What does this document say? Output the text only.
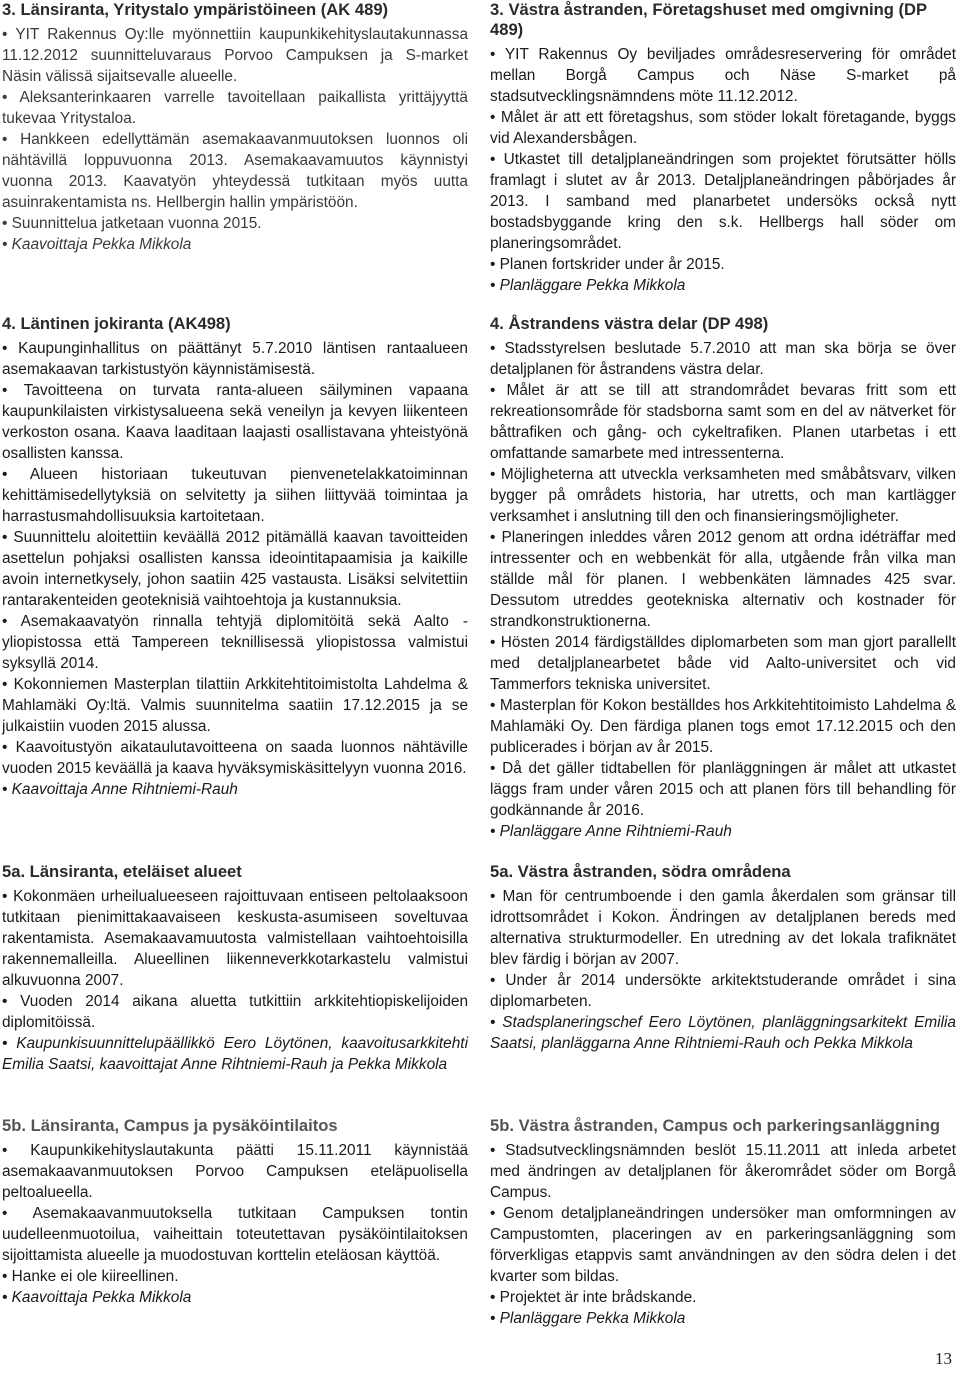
3. Länsiranta, Yritystalo ympäristöineen (AK 489)
• YIT Rakennus Oy:lle myönnettiin kaupunkikehityslautakunnassa 11.12.2012 suunnitteluvaraus Porvoo Campuksen ja S-market Näsin välissä sijaitsevalle alueelle.
• Aleksanterinkaaren varrelle tavoitellaan paikallista yrittäjyyttä tukevaa Yritystaloa.
• Hankkeen edellyttämän asemakaavanmuutoksen luonnos oli nähtävillä loppuvuonna 2013. Asemakaavamuutos käynnistyi vuonna 2013. Kaavatyön yhteydessä tutkitaan myös uutta asuinrakentamista ns. Hellbergin hallin ympäristöön.
• Suunnittelua jatketaan vuonna 2015.
• Kaavoittaja Pekka Mikkola
4. Läntinen jokiranta (AK498)
• Kaupunginhallitus on päättänyt 5.7.2010 läntisen rantaalueen asemakaavan tarkistustyön käynnistämisestä.
• Tavoitteena on turvata ranta-alueen säilyminen vapaana kaupunkilaisten virkistysalueena sekä veneilyn ja kevyen liikenteen verkoston osana. Kaava laaditaan laajasti osallistavana yhteistyönä osallisten kanssa.
• Alueen historiaan tukeutuvan pienvenetelakkatoiminnan kehittämisedellytyksiä on selvitetty ja siihen liittyvää toimintaa ja harrastusmahdollisuuksia kartoitetaan.
• Suunnittelu aloitettiin keväällä 2012 pitämällä kaavan tavoitteiden asettelun pohjaksi osallisten kanssa ideointitapaamisia ja kaikille avoin internetkysely, johon saatiin 425 vastausta. Lisäksi selvitettiin rantarakenteiden geoteknisiä vaihtoehtoja ja kustannuksia.
• Asemakaavatyön rinnalla tehtyjä diplomitöitä sekä Aalto -yliopistossa että Tampereen teknillisessä yliopistossa valmistui syksyllä 2014.
• Kokonniemen Masterplan tilattiin Arkkitehtitoimistolta Lahdelma & Mahlamäki Oy:ltä. Valmis suunnitelma saatiin 17.12.2015 ja se julkaistiin vuoden 2015 alussa.
• Kaavoitustyön aikataulutavoitteena on saada luonnos nähtäville vuoden 2015 keväällä ja kaava hyväksymiskäsittelyyn vuonna 2016.
• Kaavoittaja Anne Rihtniemi-Rauh
5a. Länsiranta, eteläiset alueet
• Kokonmäen urheilualueeseen rajoittuvaan entiseen peltolaaksoon tutkitaan pienimittakaavaiseen keskusta-asumiseen soveltuvaa rakentamista. Asemakaavamuutosta valmistellaan vaihtoehtoisilla rakennemalleilla. Alueellinen liikenneverkkotarkastelu valmistui alkuvuonna 2007.
• Vuoden 2014 aikana aluetta tutkittiin arkkitehtiopiskelijoiden diplomitöissä.
• Kaupunkisuunnittelupäällikkö Eero Löytönen, kaavoitusarkkitehti Emilia Saatsi, kaavoittajat Anne Rihtniemi-Rauh ja Pekka Mikkola
5b. Länsiranta, Campus ja pysäköintilaitos
• Kaupunkikehityslautakunta päätti 15.11.2011 käynnistää asemakaavanmuutoksen Porvoo Campuksen eteläpuolisella peltoalueella.
• Asemakaavanmuutoksella tutkitaan Campuksen tontin uudelleenmuotoilua, vaiheittain toteutettavan pysäköintilaitoksen sijoittamista alueelle ja muodostuvan korttelin eteläosan käyttöä.
• Hanke ei ole kiireellinen.
• Kaavoittaja Pekka Mikkola
3. Västra åstranden, Företagshuset med omgivning (DP 489)
• YIT Rakennus Oy beviljades områdesreservering för området mellan Borgå Campus och Näse S-market på stadsutvecklingsnämndens möte 11.12.2012.
• Målet är att ett företagshus, som stöder lokalt företagande, byggs vid Alexandersbågen.
• Utkastet till detaljplaneändringen som projektet förutsätter hölls framlagt i slutet av år 2013. Detaljplaneändringen påbörjades år 2013. I samband med planarbetet undersöks också nytt bostadsbyggande kring den s.k. Hellbergs hall söder om planeringsområdet.
• Planen fortskrider under år 2015.
• Planläggare Pekka Mikkola
4. Åstrandens västra delar (DP 498)
• Stadsstyrelsen beslutade 5.7.2010 att man ska börja se över detaljplanen för åstrandens västra delar.
• Målet är att se till att strandområdet bevaras fritt som ett rekreationsområde för stadsborna samt som en del av nätverket för båttrafiken och gång- och cykeltrafiken. Planen utarbetas i ett omfattande samarbete med intressenterna.
• Möjligheterna att utveckla verksamheten med småbåtsvarv, vilken bygger på områdets historia, har utretts, och man kartlägger verksamhet i anslutning till den och finansieringsmöjligheter.
• Planeringen inleddes våren 2012 genom att ordna idéträffar med intressenter och en webbenkät för alla, utgående från vilka man ställde mål för planen. I webbenkäten lämnades 425 svar. Dessutom utreddes geotekniska alternativ och kostnader för strandkonstruktionerna.
• Hösten 2014 färdigställdes diplomarbeten som man gjort parallellt med detaljplanearbetet både vid Aalto-universitet och vid Tammerfors tekniska universitet.
• Masterplan för Kokon beställdes hos Arkkitehtitoimisto Lahdelma & Mahlamäki Oy. Den färdiga planen togs emot 17.12.2015 och den publicerades i början av år 2015.
• Då det gäller tidtabellen för planläggningen är målet att utkastet läggs fram under våren 2015 och att planen förs till behandling för godkännande år 2016.
• Planläggare Anne Rihtniemi-Rauh
5a. Västra åstranden, södra områdena
• Man för centrumboende i den gamla åkerdalen som gränsar till idrottsområdet i Kokon. Ändringen av detaljplanen bereds med alternativa strukturmodeller. En utredning av det lokala trafiknätet blev färdig i början av 2007.
• Under år 2014 undersökte arkitektstuderande området i sina diplomarbeten.
• Stadsplaneringschef Eero Löytönen, planläggningsarkitekt Emilia Saatsi, planläggarna Anne Rihtniemi-Rauh och Pekka Mikkola
5b. Västra åstranden, Campus och parkeringsanläggning
• Stadsutvecklingsnämnden beslöt 15.11.2011 att inleda arbetet med ändringen av detaljplanen för åkerområdet söder om Borgå Campus.
• Genom detaljplaneändringen undersöker man omformningen av Campustomten, placeringen av en parkeringsanläggning som förverkligas etappvis samt användningen av den södra delen i det kvarter som bildas.
• Projektet är inte brådskande.
• Planläggare Pekka Mikkola
13
